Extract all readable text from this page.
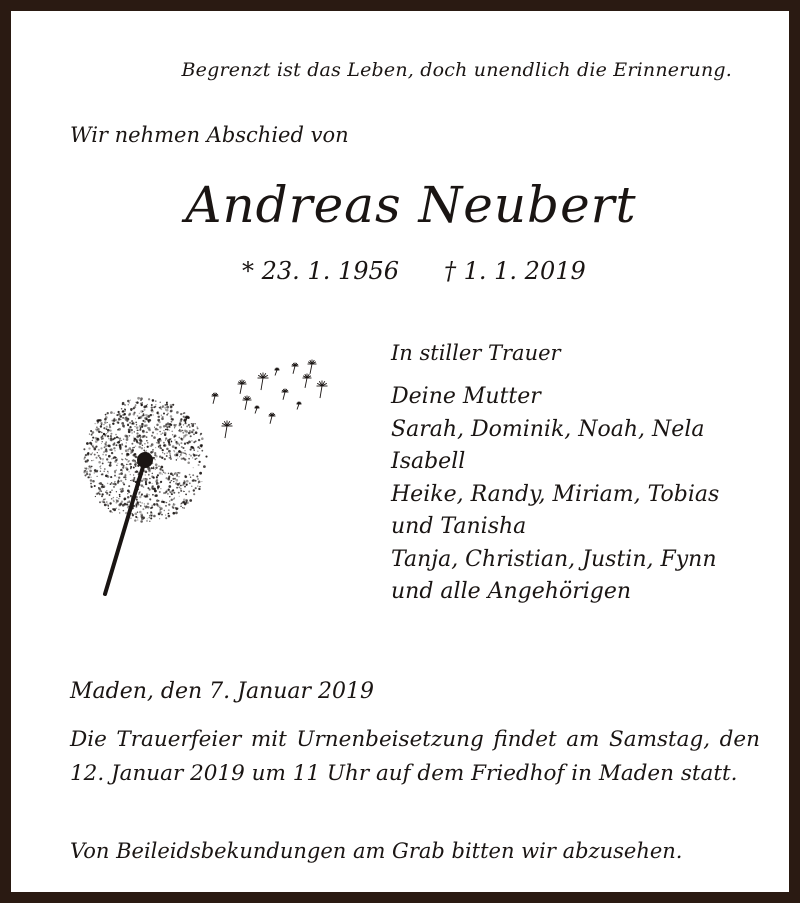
Begrenzt ist das Leben, doch unendlich die Erinnerung.
Wir nehmen Abschied von
Andreas Neubert
* 23. 1. 1956 † 1. 1. 2019
In stiller Trauer
Deine Mutter
Sarah, Dominik, Noah, Nela
Isabell
Heike, Randy, Miriam, Tobias
und Tanisha
Tanja, Christian, Justin, Fynn
und alle Angehörigen
Maden, den 7. Januar 2019
Die Trauerfeier mit Urnenbeisetzung findet am Samstag, den 12. Januar 2019 um 11 Uhr auf dem Friedhof in Maden statt.
Von Beileidsbekundungen am Grab bitten wir abzusehen.
